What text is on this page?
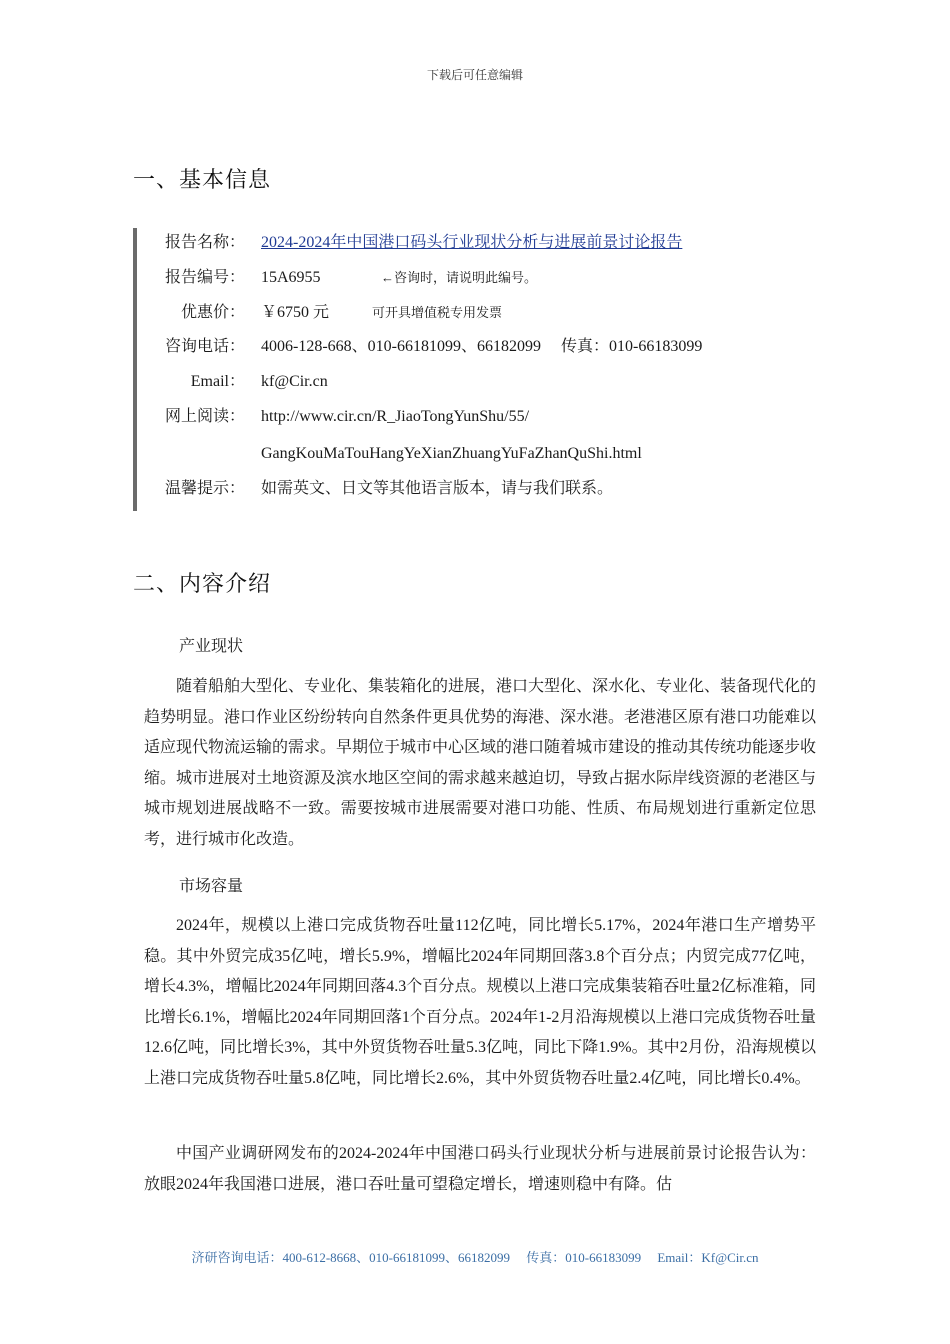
下载后可任意编辑
一、基本信息
报告名称： 2024-2024年中国港口码头行业现状分析与进展前景讨论报告
报告编号： 15A6955	←咨询时，请说明此编号。
优惠价： ￥6750 元	可开具增值税专用发票
咨询电话： 4006-128-668、010-66181099、66182099　 传真：010-66183099
Email： kf@Cir.cn
网上阅读： http://www.cir.cn/R_JiaoTongYunShu/55/
GangKouMaTouHangYeXianZhuangYuFaZhanQuShi.html
温馨提示： 如需英文、日文等其他语言版本，请与我们联系。
二、内容介绍
产业现状
随着船舶大型化、专业化、集装箱化的进展，港口大型化、深水化、专业化、装备现代化的趋势明显。港口作业区纷纷转向自然条件更具优势的海港、深水港。老港港区原有港口功能难以适应现代物流运输的需求。早期位于城市中心区域的港口随着城市建设的推动其传统功能逐步收缩。城市进展对土地资源及滨水地区空间的需求越来越迫切，导致占据水际岸线资源的老港区与城市规划进展战略不一致。需要按城市进展需要对港口功能、性质、布局规划进行重新定位思考，进行城市化改造。
市场容量
2024年，规模以上港口完成货物吞吐量112亿吨，同比增长5.17%，2024年港口生产增势平稳。其中外贸完成35亿吨，增长5.9%，增幅比2024年同期回落3.8个百分点；内贸完成77亿吨，增长4.3%，增幅比2024年同期回落4.3个百分点。规模以上港口完成集装箱吞吐量2亿标准箱，同比增长6.1%，增幅比2024年同期回落1个百分点。2024年1-2月沿海规模以上港口完成货物吞吐量12.6亿吨，同比增长3%，其中外贸货物吞吐量5.3亿吨，同比下降1.9%。其中2月份，沿海规模以上港口完成货物吞吐量5.8亿吨，同比增长2.6%，其中外贸货物吞吐量2.4亿吨，同比增长0.4%。
中国产业调研网发布的2024-2024年中国港口码头行业现状分析与进展前景讨论报告认为：放眼2024年我国港口进展，港口吞吐量可望稳定增长，增速则稳中有降。估
济研咨询电话：400-612-8668、010-66181099、66182099　 传真：010-66183099　 Email：Kf@Cir.cn
